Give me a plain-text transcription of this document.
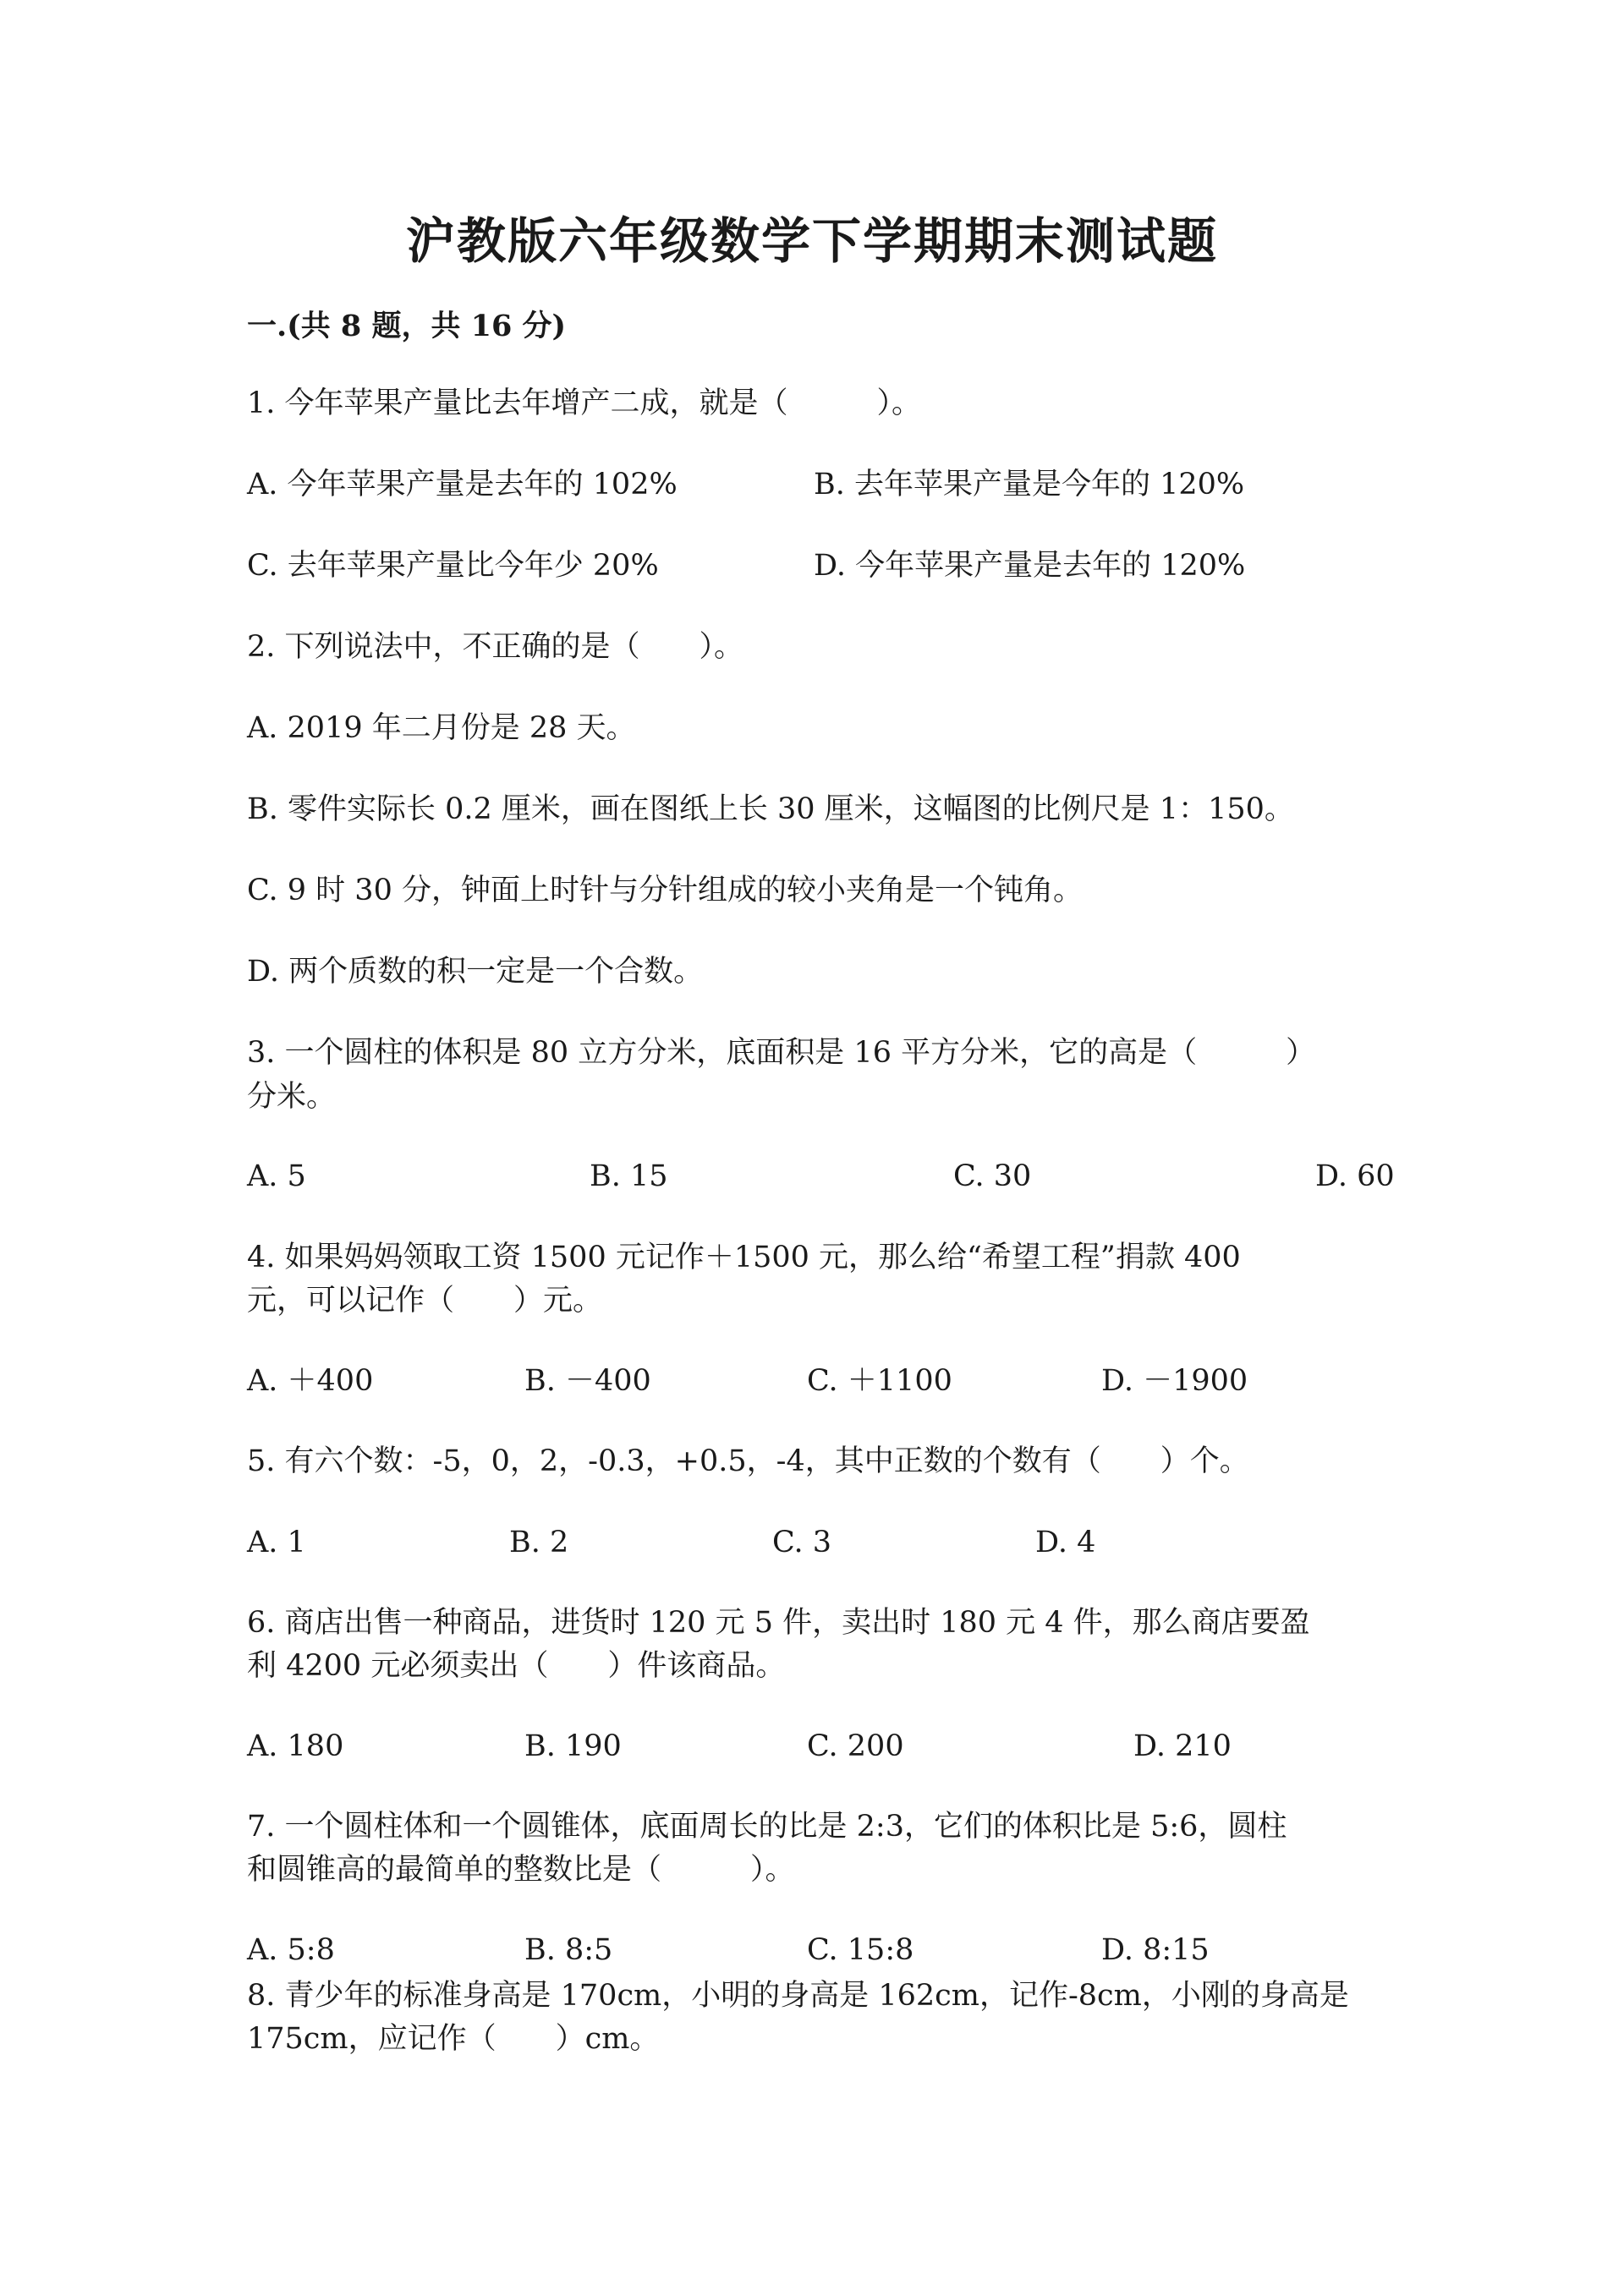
沪教版六年级数学下学期期末测试题
一.(共 8 题，共 16 分)
1. 今年苹果产量比去年增产二成，就是（　　　）。
A. 今年苹果产量是去年的 102%	B. 去年苹果产量是今年的 120%
C. 去年苹果产量比今年少 20%	D. 今年苹果产量是去年的 120%
2. 下列说法中，不正确的是（　　）。
A. 2019 年二月份是 28 天。
B. 零件实际长 0.2 厘米，画在图纸上长 30 厘米，这幅图的比例尺是 1：150。
C. 9 时 30 分，钟面上时针与分针组成的较小夹角是一个钝角。
D. 两个质数的积一定是一个合数。
3. 一个圆柱的体积是 80 立方分米，底面积是 16 平方分米，它的高是（　　　）
分米。
A. 5	B. 15	C. 30	D. 60
4. 如果妈妈领取工资 1500 元记作＋1500 元，那么给“希望工程”捐款 400
元，可以记作（　　）元。
A. ＋400	B. －400	C. ＋1100	D. －1900
5. 有六个数：-5，0，2，-0.3，+0.5，-4，其中正数的个数有（　　）个。
A. 1	B. 2	C. 3	D. 4
6. 商店出售一种商品，进货时 120 元 5 件，卖出时 180 元 4 件，那么商店要盈
利 4200 元必须卖出（　　）件该商品。
A. 180	B. 190	C. 200	D. 210
7. 一个圆柱体和一个圆锥体，底面周长的比是 2:3，它们的体积比是 5:6，圆柱
和圆锥高的最简单的整数比是（　　　）。
A. 5:8	B. 8:5	C. 15:8	D. 8:15
8. 青少年的标准身高是 170cm，小明的身高是 162cm，记作-8cm，小刚的身高是
175cm，应记作（　　）cm。
